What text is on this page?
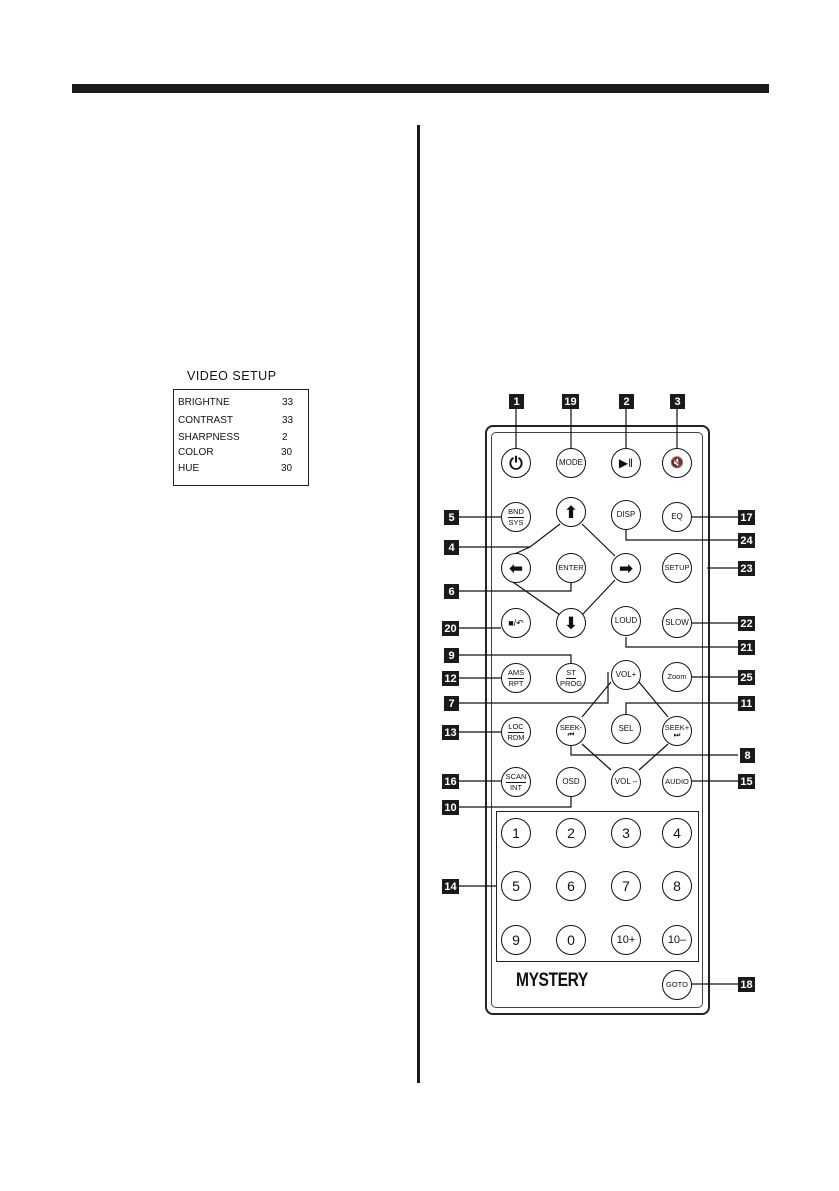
VIDEO SETUP
BRIGHTNE	33
CONTRAST	33
SHARPNESS	2
COLOR	30
HUE	30
MYSTERY
⏻	MODE	▶‖	🔇
BND
SYS
⬆	DISP	EQ
⬅	ENTER	➡	SETUP
■/↶	⬇	LOUD	SLOW
AMS
RPT
ST
PROG
VOL+	Zoom
LOC
RDM
SEEK-
⏮
SEL	SEEK+
⏭
SCAN
INT
OSD	VOL –	AUDIO
1	2	3	4
5	6	7	8
9	0	10+	10–
GOTO
1	19	2	3
5
4
6
20
9
12
7
13
16
10
14
17
24
23
22
21
25
11
8
15
18
